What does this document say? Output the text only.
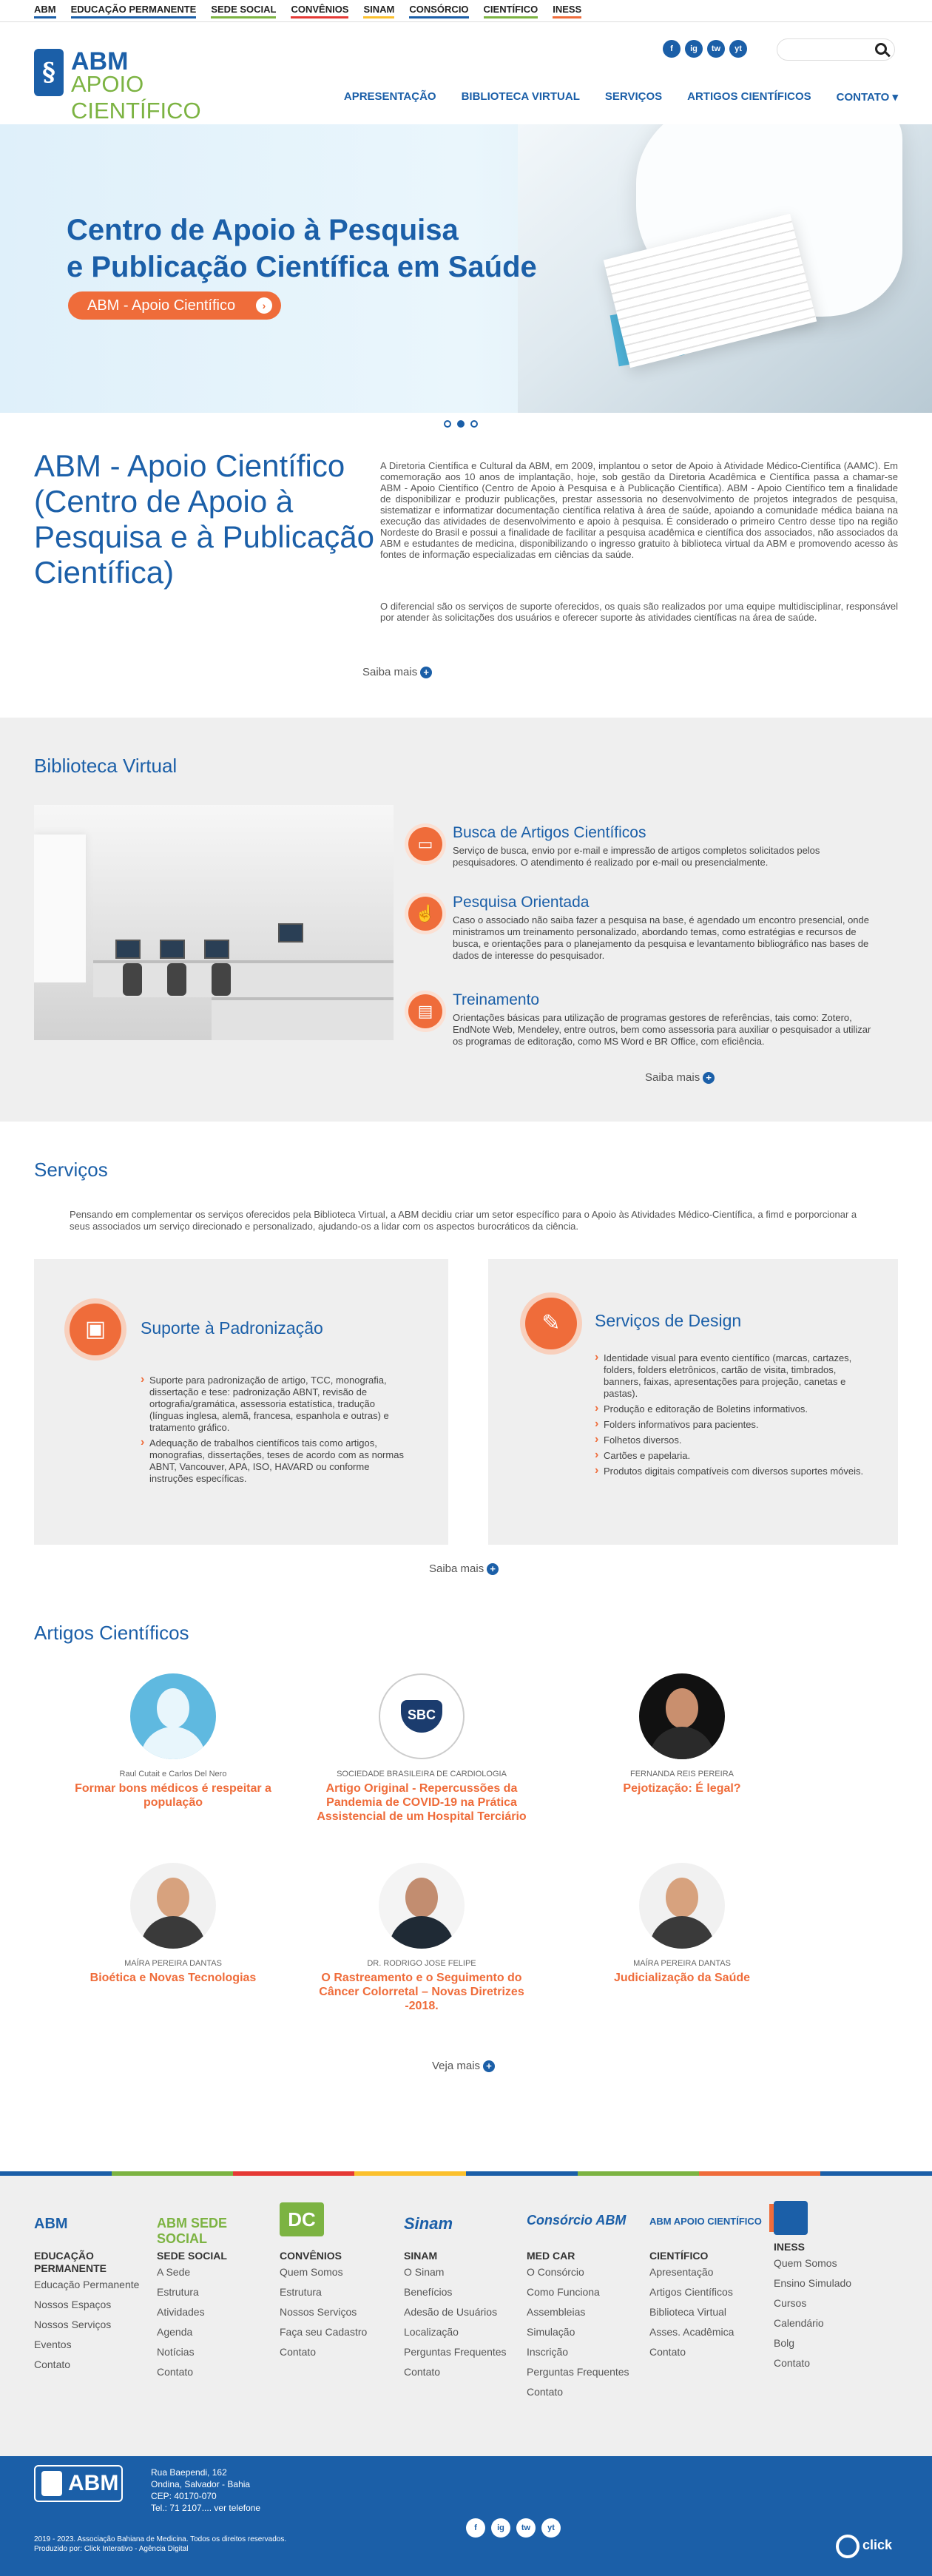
ABM EDUCAÇÃO PERMANENTE SEDE SOCIAL CONVÊNIOS SINAM CONSÓRCIO CIENTÍFICO INESS
§ ABM
APOIO CIENTÍFICO
f	ig	tw	yt
APRESENTAÇÃO BIBLIOTECA VIRTUAL SERVIÇOS ARTIGOS CIENTÍFICOS CONTATO ▾
Centro de Apoio à Pesquisa
e Publicação Científica em Saúde
ABM - Apoio Científico	›
ABM - Apoio Científico (Centro de Apoio à Pesquisa e à Publicação Científica)

A Diretoria Científica e Cultural da ABM, em 2009, implantou o setor de Apoio à Atividade Médico-Científica (AAMC). Em comemoração aos 10 anos de implantação, hoje, sob gestão da Diretoria Acadêmica e Científica passa a chamar-se ABM - Apoio Científico (Centro de Apoio à Pesquisa e à Publicação Científica). ABM - Apoio Científico tem a finalidade de disponibilizar e produzir publicações, prestar assessoria no desenvolvimento de projetos integrados de pesquisa, sistematizar e informatizar documentação científica relativa à área de saúde, apoiando a comunidade médica baiana na execução das atividades de desenvolvimento e apoio à pesquisa. É considerado o primeiro Centro desse tipo na região Nordeste do Brasil e possui a finalidade de facilitar a pesquisa acadêmica e científica dos associados, não associados da ABM e estudantes de medicina, disponibilizando o ingresso gratuito à biblioteca virtual da ABM e promovendo acesso às fontes de informação especializadas em ciências da saúde.

O diferencial são os serviços de suporte oferecidos, os quais são realizados por uma equipe multidisciplinar, responsável por atender às solicitações dos usuários e oferecer suporte às atividades científicas na área de saúde.

Saiba mais +
Biblioteca Virtual
▭
Busca de Artigos Científicos

Serviço de busca, envio por e-mail e impressão de artigos completos solicitados pelos pesquisadores. O atendimento é realizado por e-mail ou presencialmente.

☝
Pesquisa Orientada

Caso o associado não saiba fazer a pesquisa na base, é agendado um encontro presencial, onde ministramos um treinamento personalizado, abordando temas, como estratégias e recursos de busca, e orientações para o planejamento da pesquisa e levantamento bibliográfico nas bases de dados de interesse do pesquisador.

▤
Treinamento

Orientações básicas para utilização de programas gestores de referências, tais como: Zotero, EndNote Web, Mendeley, entre outros, bem como assessoria para auxiliar o pesquisador a utilizar os programas de editoração, como MS Word e BR Office, com eficiência.

Saiba mais +
Serviços

Pensando em complementar os serviços oferecidos pela Biblioteca Virtual, a ABM decidiu criar um setor específico para o Apoio às Atividades Médico-Científica, a fimd e porporcionar a seus associados um serviço direcionado e personalizado, ajudando-os a lidar com os aspectos burocráticos da ciência.

▣	Suporte à Padronização
› Suporte para padronização de artigo, TCC, monografia, dissertação e tese: padronização ABNT, revisão de ortografia/gramática, assessoria estatística, tradução (línguas inglesa, alemã, francesa, espanhola e outras) e tratamento gráfico.
› Adequação de trabalhos científicos tais como artigos, monografias, dissertações, teses de acordo com as normas ABNT, Vancouver, APA, ISO, HAVARD ou conforme instruções específicas.
✎	Serviços de Design
› Identidade visual para evento científico (marcas, cartazes, folders, folders eletrônicos, cartão de visita, timbrados, banners, faixas, apresentações para projeção, canetas e pastas).
› Produção e editoração de Boletins informativos.
› Folders informativos para pacientes.
› Folhetos diversos.
› Cartões e papelaria.
› Produtos digitais compatíveis com diversos suportes móveis.
Saiba mais +
Artigos Científicos
Raul Cutait e Carlos Del Nero
Formar bons médicos é respeitar a população
SBC
SOCIEDADE BRASILEIRA DE CARDIOLOGIA
Artigo Original - Repercussões da Pandemia de COVID-19 na Prática Assistencial de um Hospital Terciário
FERNANDA REIS PEREIRA
Pejotização: É legal?
MAÍRA PEREIRA DANTAS
Bioética e Novas Tecnologias
DR. RODRIGO JOSE FELIPE
O Rastreamento e o Seguimento do Câncer Colorretal – Novas Diretrizes -2018.
MAÍRA PEREIRA DANTAS
Judicialização da Saúde
Veja mais +
ABM
EDUCAÇÃO PERMANENTE
Educação Permanente
Nossos Espaços
Nossos Serviços
Eventos
Contato
ABM SEDE SOCIAL
SEDE SOCIAL
A Sede
Estrutura
Atividades
Agenda
Notícias
Contato
DC
CONVÊNIOS
Quem Somos
Estrutura
Nossos Serviços
Faça seu Cadastro
Contato
Sinam
SINAM
O Sinam
Benefícios
Adesão de Usuários
Localização
Perguntas Frequentes
Contato
Consórcio ABM
MED CAR
O Consórcio
Como Funciona
Assembleias
Simulação
Inscrição
Perguntas Frequentes
Contato
ABM APOIO CIENTÍFICO
CIENTÍFICO
Apresentação
Artigos Científicos
Biblioteca Virtual
Asses. Acadêmica
Contato
INESS
Quem Somos
Ensino Simulado
Cursos
Calendário
Bolg
Contato
ABM	Rua Baependi, 162
Ondina, Salvador - Bahia
CEP: 40170-070
Tel.: 71 2107.... ver telefone
2019 - 2023. Associação Bahiana de Medicina. Todos os direitos reservados.
Produzido por: Click Interativo - Agência Digital
f	ig	tw	yt
click
